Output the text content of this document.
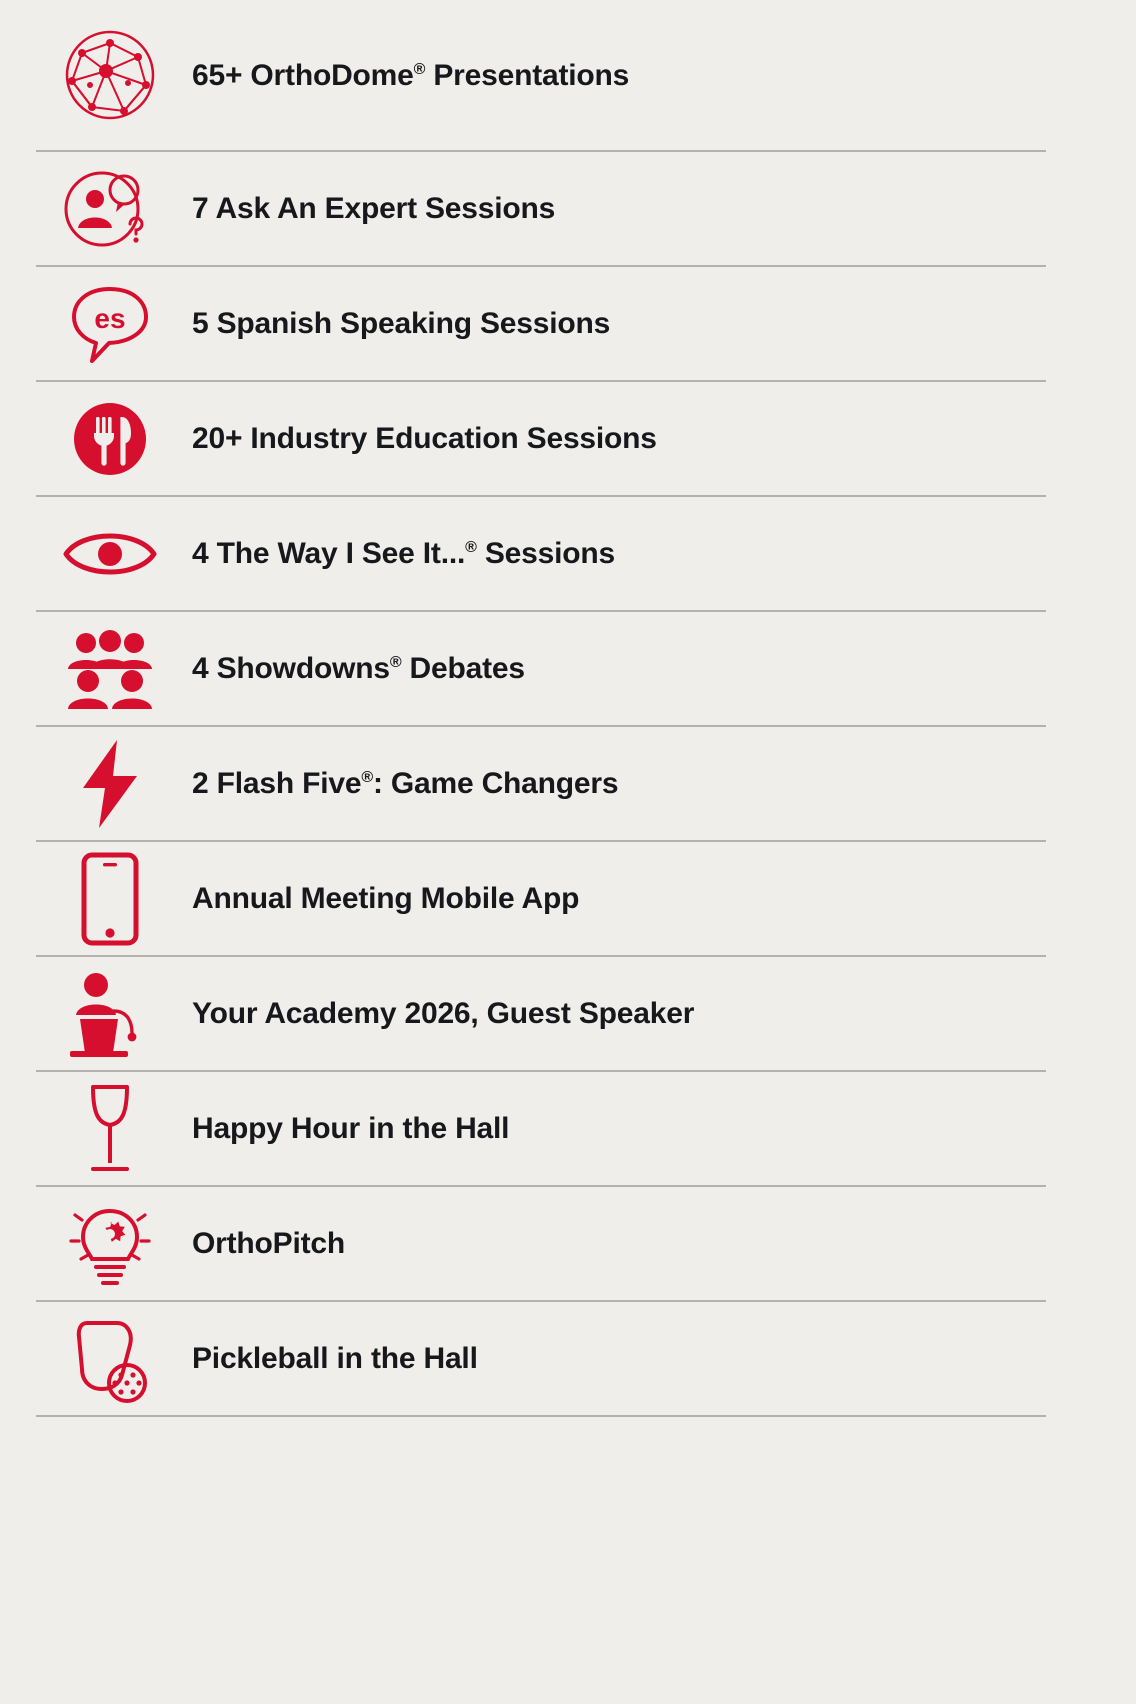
65+ OrthoDome® Presentations
7 Ask An Expert Sessions
es 5 Spanish Speaking Sessions
20+ Industry Education Sessions
4 The Way I See It...® Sessions
4 Showdowns® Debates
2 Flash Five®: Game Changers
Annual Meeting Mobile App
Your Academy 2026, Guest Speaker
Happy Hour in the Hall
OrthoPitch
Pickleball in the Hall
